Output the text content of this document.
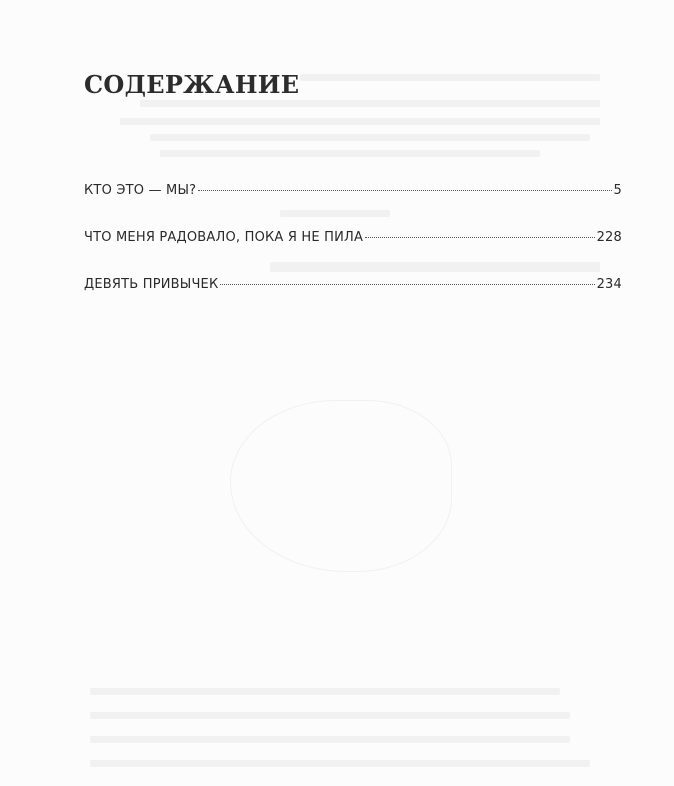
СОДЕРЖАНИЕ
КТО ЭТО — МЫ?	5
ЧТО МЕНЯ РАДОВАЛО, ПОКА Я НЕ ПИЛА	228
ДЕВЯТЬ ПРИВЫЧЕК	234
